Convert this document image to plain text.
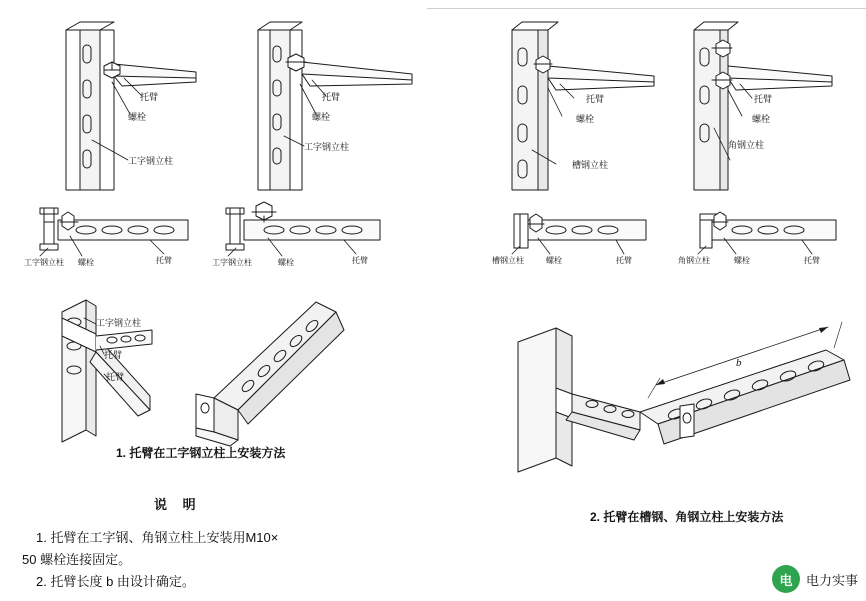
托臂
螺栓
工字钢立柱
托臂
螺栓
工字钢立柱
工字钢立柱 螺栓	托臂	工字钢立柱	螺栓	托臂
工字钢立柱
托臂
托臂
1. 托臂在工字钢立柱上安装方法
托臂
螺栓
槽钢立柱
托臂
螺栓
角钢立柱
槽钢立柱	螺栓	托臂	角钢立柱	螺栓	托臂
b
2. 托臂在槽钢、角钢立柱上安装方法
说 明
1. 托臂在工字钢、角钢立柱上安装用M10×
50 螺栓连接固定。
2. 托臂长度 b 由设计确定。	电 电力实事
